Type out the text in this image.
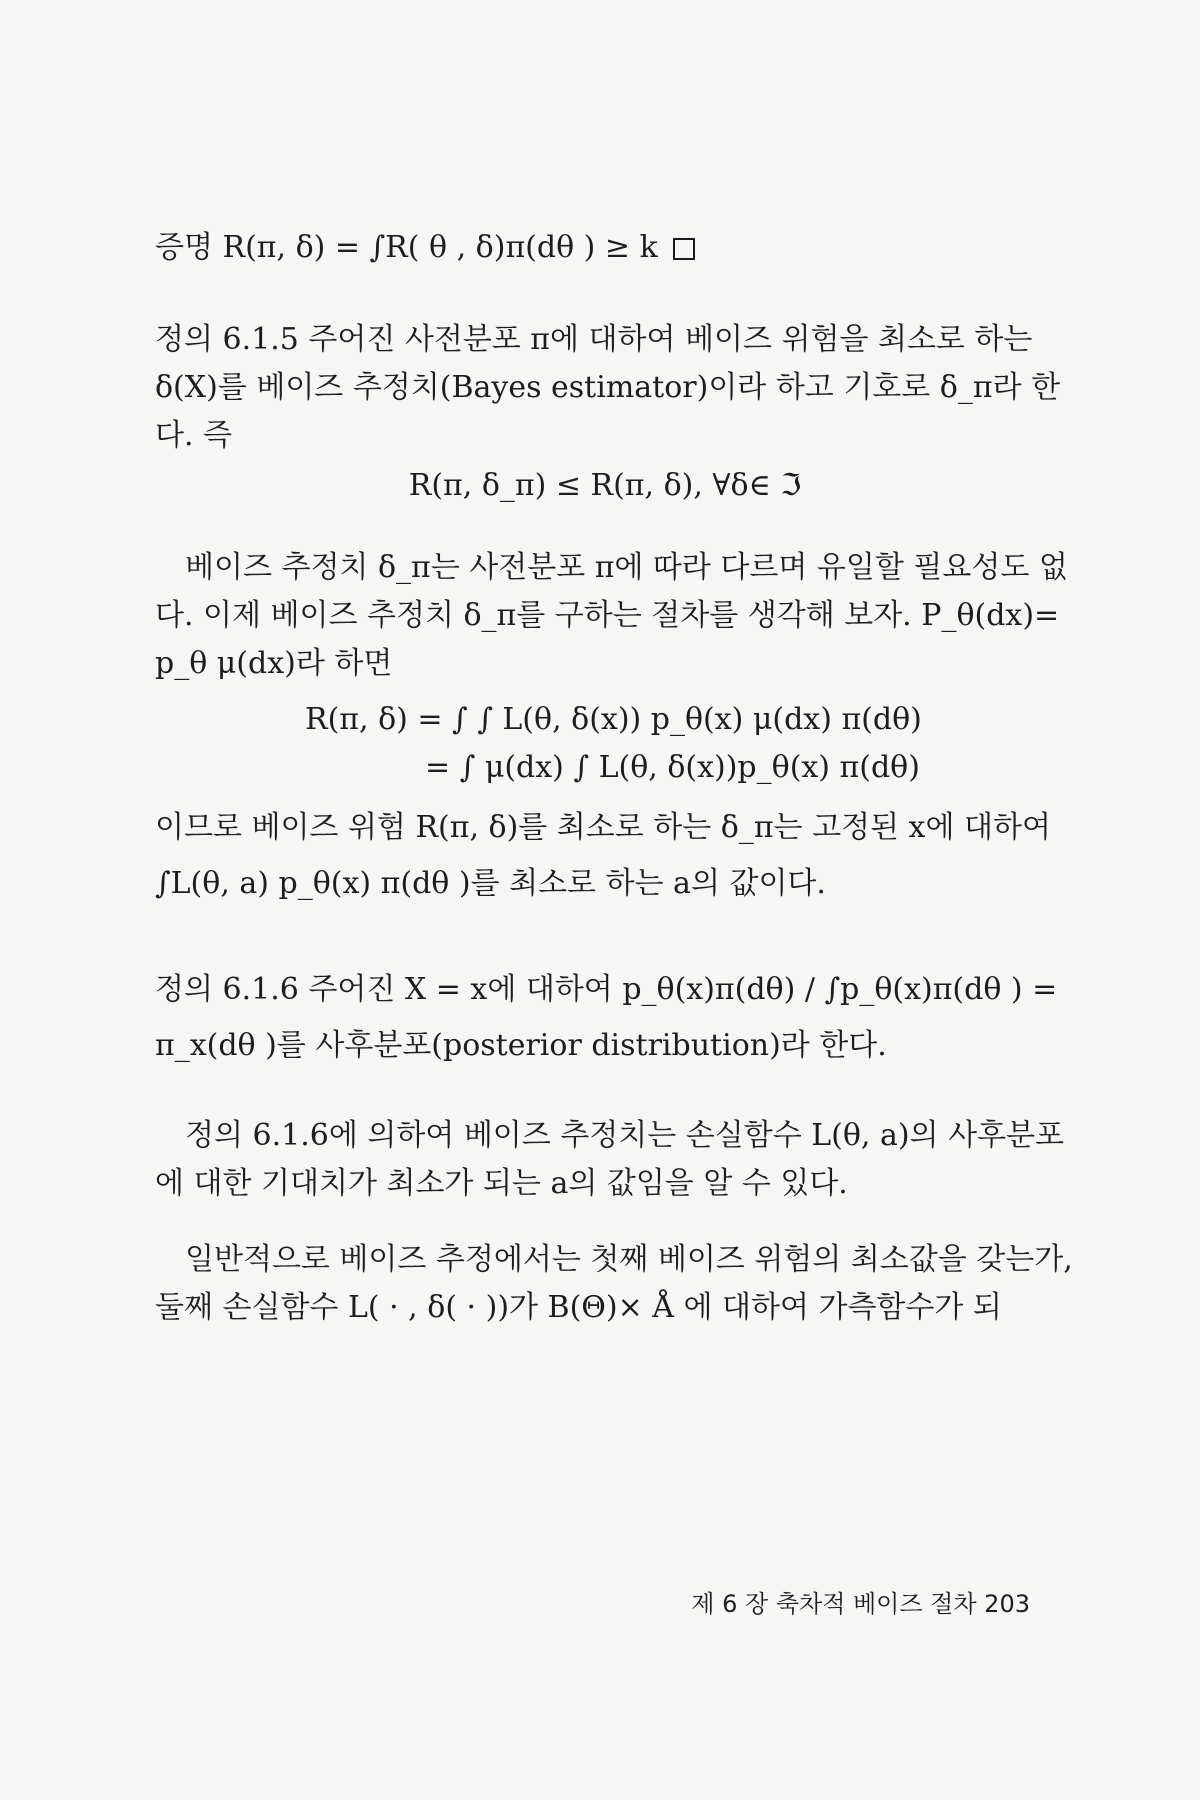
증명 R(π, δ) = ∫R( θ , δ)π(dθ ) ≥ k
정의 6.1.5 주어진 사전분포 π에 대하여 베이즈 위험을 최소로 하는
δ(X)를 베이즈 추정치(Bayes estimator)이라 하고 기호로 δ_π라 한
다. 즉
R(π, δ_π) ≤ R(π, δ), ∀δ∈ ℑ
베이즈 추정치 δ_π는 사전분포 π에 따라 다르며 유일할 필요성도 없
다. 이제 베이즈 추정치 δ_π를 구하는 절차를 생각해 보자. P_θ(dx)=
p_θ μ(dx)라 하면
R(π, δ) = ∫ ∫ L(θ, δ(x)) p_θ(x) μ(dx) π(dθ)
= ∫ μ(dx) ∫ L(θ, δ(x))p_θ(x) π(dθ)
이므로 베이즈 위험 R(π, δ)를 최소로 하는 δ_π는 고정된 x에 대하여
∫L(θ, a) p_θ(x) π(dθ )를 최소로 하는 a의 값이다.
정의 6.1.6 주어진 X = x에 대하여 p_θ(x)π(dθ) / ∫p_θ(x)π(dθ ) =
π_x(dθ )를 사후분포(posterior distribution)라 한다.
정의 6.1.6에 의하여 베이즈 추정치는 손실함수 L(θ, a)의 사후분포
에 대한 기대치가 최소가 되는 a의 값임을 알 수 있다.
일반적으로 베이즈 추정에서는 첫째 베이즈 위험의 최소값을 갖는가,
둘째 손실함수 L( · , δ( · ))가 B(Θ)× Å 에 대하여 가측함수가 되
제 6 장 축차적 베이즈 절차 203
